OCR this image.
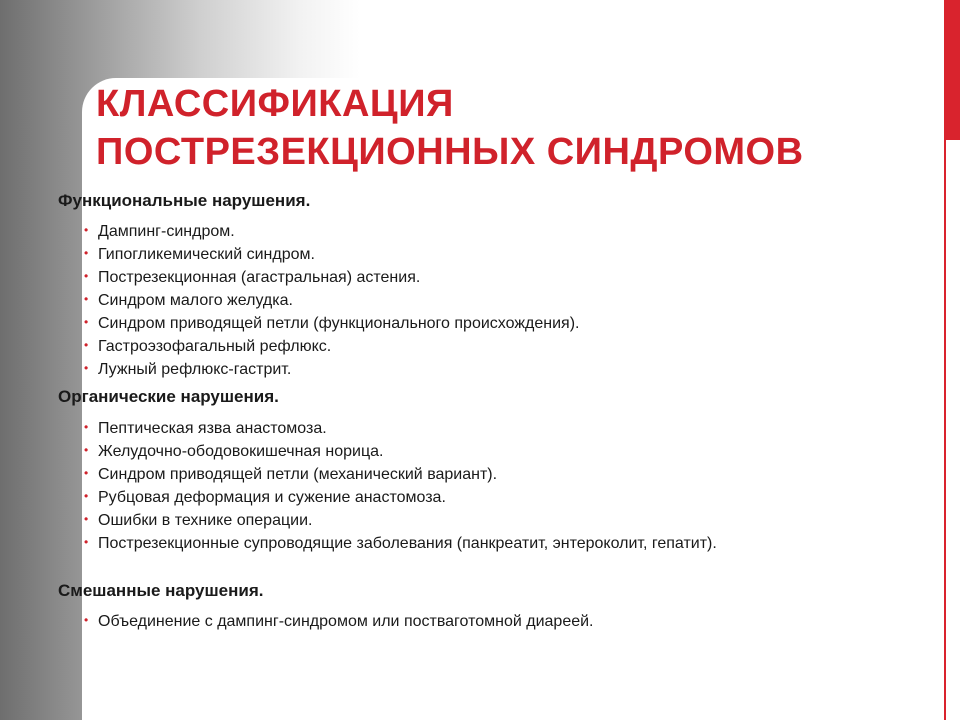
КЛАССИФИКАЦИЯ
ПОСТРЕЗЕКЦИОННЫХ СИНДРОМОВ

Функциональные нарушения.

• Дампинг-синдром.
• Гипогликемический синдром.
• Пострезекционная (агастральная) астения.
• Синдром малого желудка.
• Синдром приводящей петли (функционального происхождения).
• Гастроэзофагальный рефлюкс.
• Лужный рефлюкс-гастрит.

Органические нарушения.

• Пептическая язва анастомоза.
• Желудочно-ободовокишечная норица.
• Синдром приводящей петли (механический вариант).
• Рубцовая деформация и сужение анастомоза.
• Ошибки в технике операции.
• Пострезекционные супроводящие заболевания (панкреатит, энтероколит, гепатит).

Смешанные нарушения.

• Объединение с дампинг-синдромом или постваготомной диареей.
